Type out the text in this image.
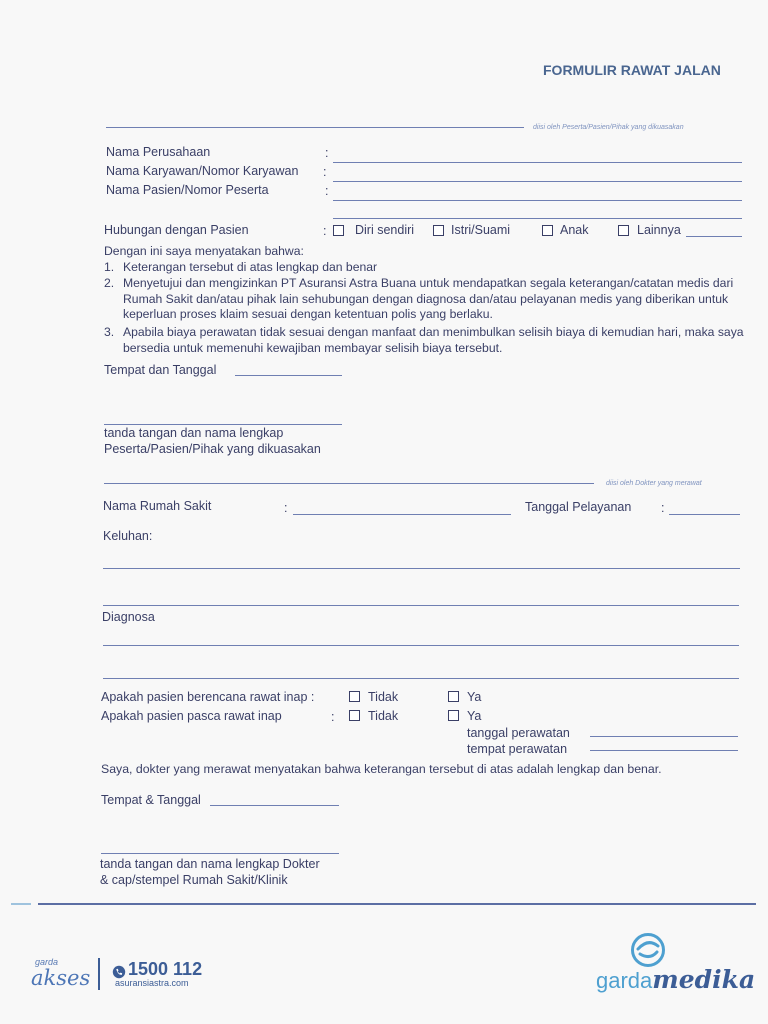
FORMULIR RAWAT JALAN
diisi oleh Peserta/Pasien/Pihak yang dikuasakan
Nama Perusahaan	:
Nama Karyawan/Nomor Karyawan :
Nama Pasien/Nomor Peserta	:
Hubungan dengan Pasien	: Diri sendiri	Istri/Suami	Anak	Lainnya
Dengan ini saya menyatakan bahwa:
1. Keterangan tersebut di atas lengkap dan benar
2. Menyetujui dan mengizinkan PT Asuransi Astra Buana untuk mendapatkan segala keterangan/catatan medis dari Rumah Sakit dan/atau pihak lain sehubungan dengan diagnosa dan/atau pelayanan medis yang diberikan untuk keperluan proses klaim sesuai dengan ketentuan polis yang berlaku.
3. Apabila biaya perawatan tidak sesuai dengan manfaat dan menimbulkan selisih biaya di kemudian hari, maka saya bersedia untuk memenuhi kewajiban membayar selisih biaya tersebut.
Tempat dan Tanggal
tanda tangan dan nama lengkap
Peserta/Pasien/Pihak yang dikuasakan
diisi oleh Dokter yang merawat
Nama Rumah Sakit	:	Tanggal Pelayanan :
Keluhan:
Diagnosa
Apakah pasien berencana rawat inap :	Tidak	Ya
Apakah pasien pasca rawat inap	:	Tidak	Ya
tanggal perawatan
tempat perawatan
Saya, dokter yang merawat menyatakan bahwa keterangan tersebut di atas adalah lengkap dan benar.
Tempat & Tanggal
tanda tangan dan nama lengkap Dokter
& cap/stempel Rumah Sakit/Klinik
garda
akses 1500 112
asuransiastra.com	gardamedika
